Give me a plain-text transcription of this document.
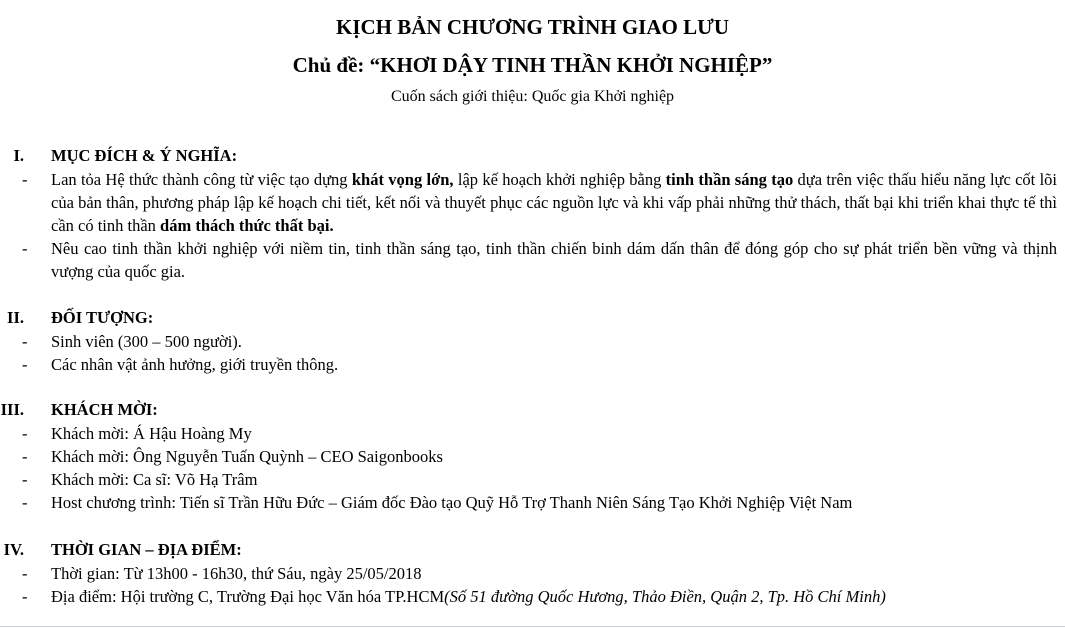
KỊCH BẢN CHƯƠNG TRÌNH GIAO LƯU
Chủ đề: “KHƠI DẬY TINH THẦN KHỞI NGHIỆP”
Cuốn sách giới thiệu: Quốc gia Khởi nghiệp
I. MỤC ĐÍCH & Ý NGHĨA:
- Lan tỏa Hệ thức thành công từ việc tạo dựng khát vọng lớn, lập kế hoạch khởi nghiệp bằng tinh thần sáng tạo dựa trên việc thấu hiểu năng lực cốt lõi của bản thân, phương pháp lập kế hoạch chi tiết, kết nối và thuyết phục các nguồn lực và khi vấp phải những thử thách, thất bại khi triển khai thực tế thì cần có tinh thần dám thách thức thất bại.
- Nêu cao tinh thần khởi nghiệp với niềm tin, tinh thần sáng tạo, tinh thần chiến binh dám dấn thân để đóng góp cho sự phát triển bền vững và thịnh vượng của quốc gia.
II. ĐỐI TƯỢNG:
- Sinh viên (300 – 500 người).
- Các nhân vật ảnh hưởng, giới truyền thông.
III. KHÁCH MỜI:
- Khách mời: Á Hậu Hoàng My
- Khách mời: Ông Nguyễn Tuấn Quỳnh – CEO Saigonbooks
- Khách mời: Ca sĩ: Võ Hạ Trâm
- Host chương trình: Tiến sĩ Trần Hữu Đức – Giám đốc Đào tạo Quỹ Hỗ Trợ Thanh Niên Sáng Tạo Khởi Nghiệp Việt Nam
IV. THỜI GIAN – ĐỊA ĐIỂM:
- Thời gian: Từ 13h00 - 16h30, thứ Sáu, ngày 25/05/2018
- Địa điểm: Hội trường C, Trường Đại học Văn hóa TP.HCM(Số 51 đường Quốc Hương, Thảo Điền, Quận 2, Tp. Hồ Chí Minh)
